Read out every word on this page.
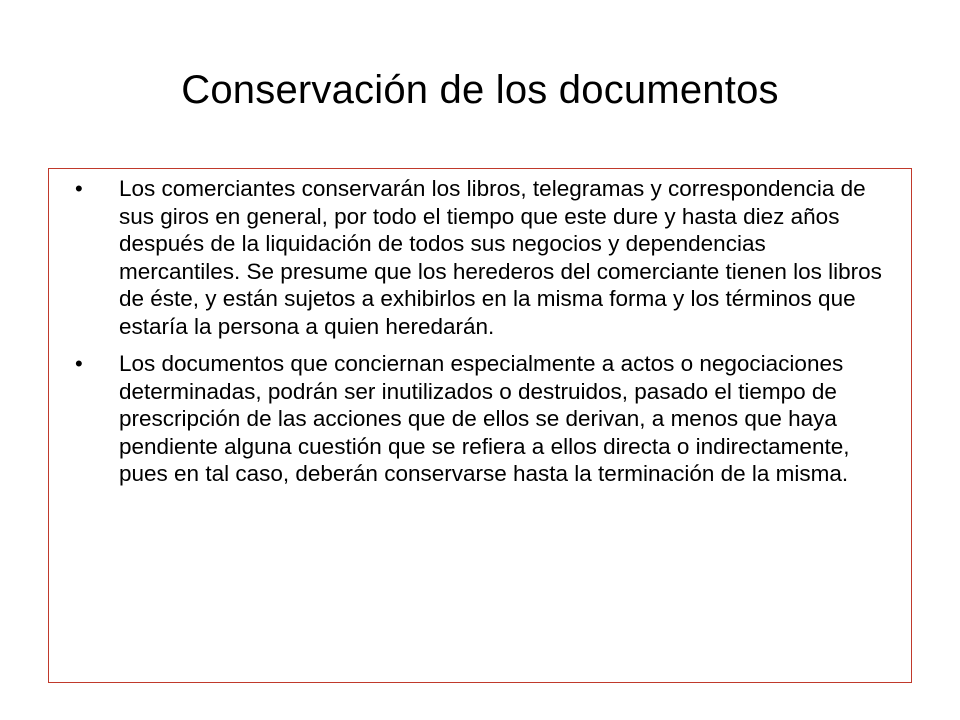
Conservación de los documentos
• Los comerciantes conservarán los libros, telegramas y correspondencia de sus giros en general, por todo el tiempo que este dure y hasta diez años después de la liquidación de todos sus negocios y dependencias mercantiles. Se presume que los herederos del comerciante tienen los libros de éste, y están sujetos a exhibirlos en la misma forma y los términos que estaría la persona a quien heredarán.
• Los documentos que conciernan especialmente a actos o negociaciones determinadas, podrán ser inutilizados o destruidos, pasado el tiempo de prescripción de las acciones que de ellos se derivan, a menos que haya pendiente alguna cuestión que se refiera a ellos directa o indirectamente, pues en tal caso, deberán conservarse hasta la terminación de la misma.
